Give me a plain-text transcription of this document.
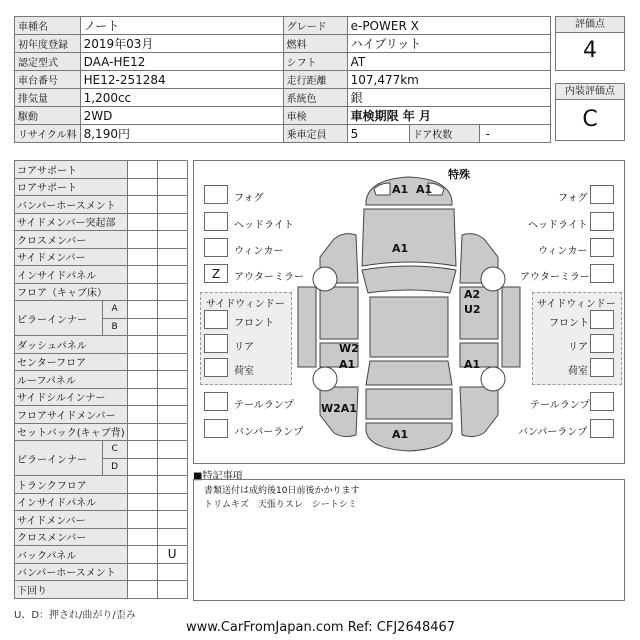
車種名	ノート	グレード	e-POWER X		
初年度登録	2019年03月	燃料	ハイブリット		
認定型式	DAA-HE12	シフト	AT		
車台番号	HE12-251284	走行距離	107,477km		
排気量	1,200cc	系統色	銀		
駆動	2WD	車検	車検期限 年 月		
リサイクル料	8,190円	乗車定員	5	ドア枚数	-
評価点
4
内装評価点
C
コアサポート			
ロアサポート			
バンパーホースメント			
サイドメンバー突起部			
クロスメンバー			
サイドメンバー			
インサイドパネル			
フロア（キャブ床）			
ピラーインナー	A		
	B		
ダッシュパネル			
センターフロア			
ルーフパネル			
サイドシルインナー			
フロアサイドメンバー			
セットバック(キャブ背)			
ピラーインナー	C		
	D		
トランクフロア			
インサイドパネル			
サイドメンバー			
クロスメンバー			
バックパネル			U
バンパーホースメント			
下回り			
特殊
フォグ
ヘッドライト
ウィンカー
Z	アウターミラー
サイドウィンドー
フロント
リア
荷室
テールランプ
バンパーランプ
フォグ
ヘッドライト
ウィンカー
アウターミラー
サイドウィンドー
フロント
リア
荷室
テールランプ
バンパーランプ
A1 A1
A1
A2
U2
W2
A1	A1
W2A1
A1
■特記事項
書類送付は成約後10日前後かかります
トリムキズ　天張りスレ　シートシミ
U、D：押され/曲がり/歪み
www.CarFromJapan.com Ref: CFJ2648467
